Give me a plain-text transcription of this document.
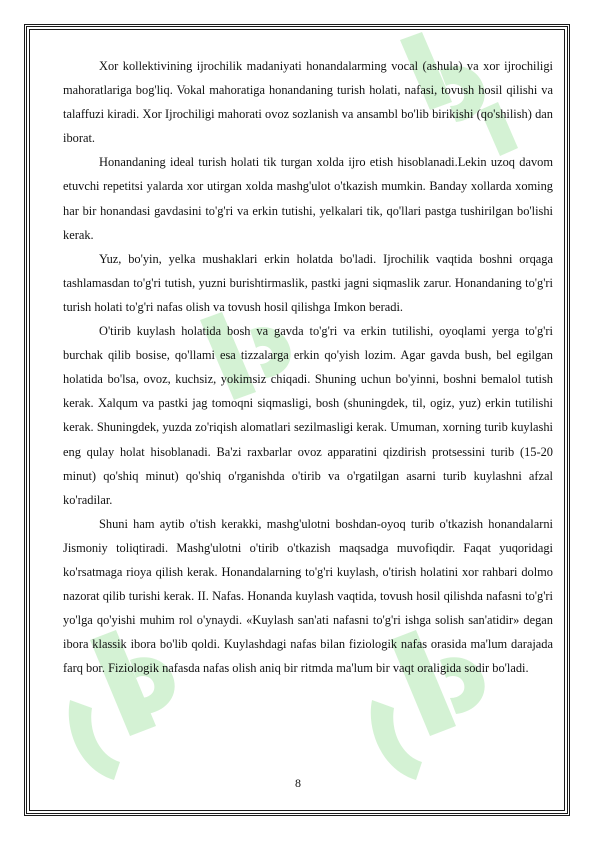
Xor kollektivining ijrochilik madaniyati honandalarming vocal (ashula) va xor ijrochiligi mahoratlariga bog'liq. Vokal mahoratiga honandaning turish holati, nafasi, tovush hosil qilishi va talaffuzi kiradi. Xor Ijrochiligi mahorati ovoz sozlanish va ansambl bo'lib birikishi (qo'shilish) dan iborat.

Honandaning ideal turish holati tik turgan xolda ijro etish hisoblanadi.Lekin uzoq davom etuvchi repetitsi yalarda xor utirgan xolda mashg'ulot o'tkazish mumkin. Banday xollarda xoming har bir honandasi gavdasini to'g'ri va erkin tutishi, yelkalari tik, qo'llari pastga tushirilgan bo'lishi kerak.

Yuz, bo'yin, yelka mushaklari erkin holatda bo'ladi. Ijrochilik vaqtida boshni orqaga tashlamasdan to'g'ri tutish, yuzni burishtirmaslik, pastki jagni siqmaslik zarur. Honandaning to'g'ri turish holati to'g'ri nafas olish va tovush hosil qilishga Imkon beradi.

O'tirib kuylash holatida bosh va gavda to'g'ri va erkin tutilishi, oyoqlami yerga to'g'ri burchak qilib bosise, qo'llami esa tizzalarga erkin qo'yish lozim. Agar gavda bush, bel egilgan holatida bo'lsa, ovoz, kuchsiz, yokimsiz chiqadi. Shuning uchun bo'yinni, boshni bemalol tutish kerak. Xalqum va pastki jag tomoqni siqmasligi, bosh (shuningdek, til, ogiz, yuz) erkin tutilishi kerak. Shuningdek, yuzda zo'riqish alomatlari sezilmasligi kerak. Umuman, xorning turib kuylashi eng qulay holat hisoblanadi. Ba'zi raxbarlar ovoz apparatini qizdirish protsessini turib (15-20 minut) qo'shiq minut) qo'shiq o'rganishda o'tirib va o'rgatilgan asarni turib kuylashni afzal ko'radilar.

Shuni ham aytib o'tish kerakki, mashg'ulotni boshdan-oyoq turib o'tkazish honandalarni Jismoniy toliqtiradi. Mashg'ulotni o'tirib o'tkazish maqsadga muvofiqdir. Faqat yuqoridagi ko'rsatmaga rioya qilish kerak. Honandalarning to'g'ri kuylash, o'tirish holatini xor rahbari dolmo nazorat qilib turishi kerak. II. Nafas. Honanda kuylash vaqtida, tovush hosil qilishda nafasni to'g'ri yo'lga qo'yishi muhim rol o'ynaydi. «Kuylash san'ati nafasni to'g'ri ishga solish san'atidir» degan ibora klassik ibora bo'lib qoldi. Kuylashdagi nafas bilan fiziologik nafas orasida ma'lum darajada farq bor. Fiziologik nafasda nafas olish aniq bir ritmda ma'lum bir vaqt oraligida sodir bo'ladi.

8
